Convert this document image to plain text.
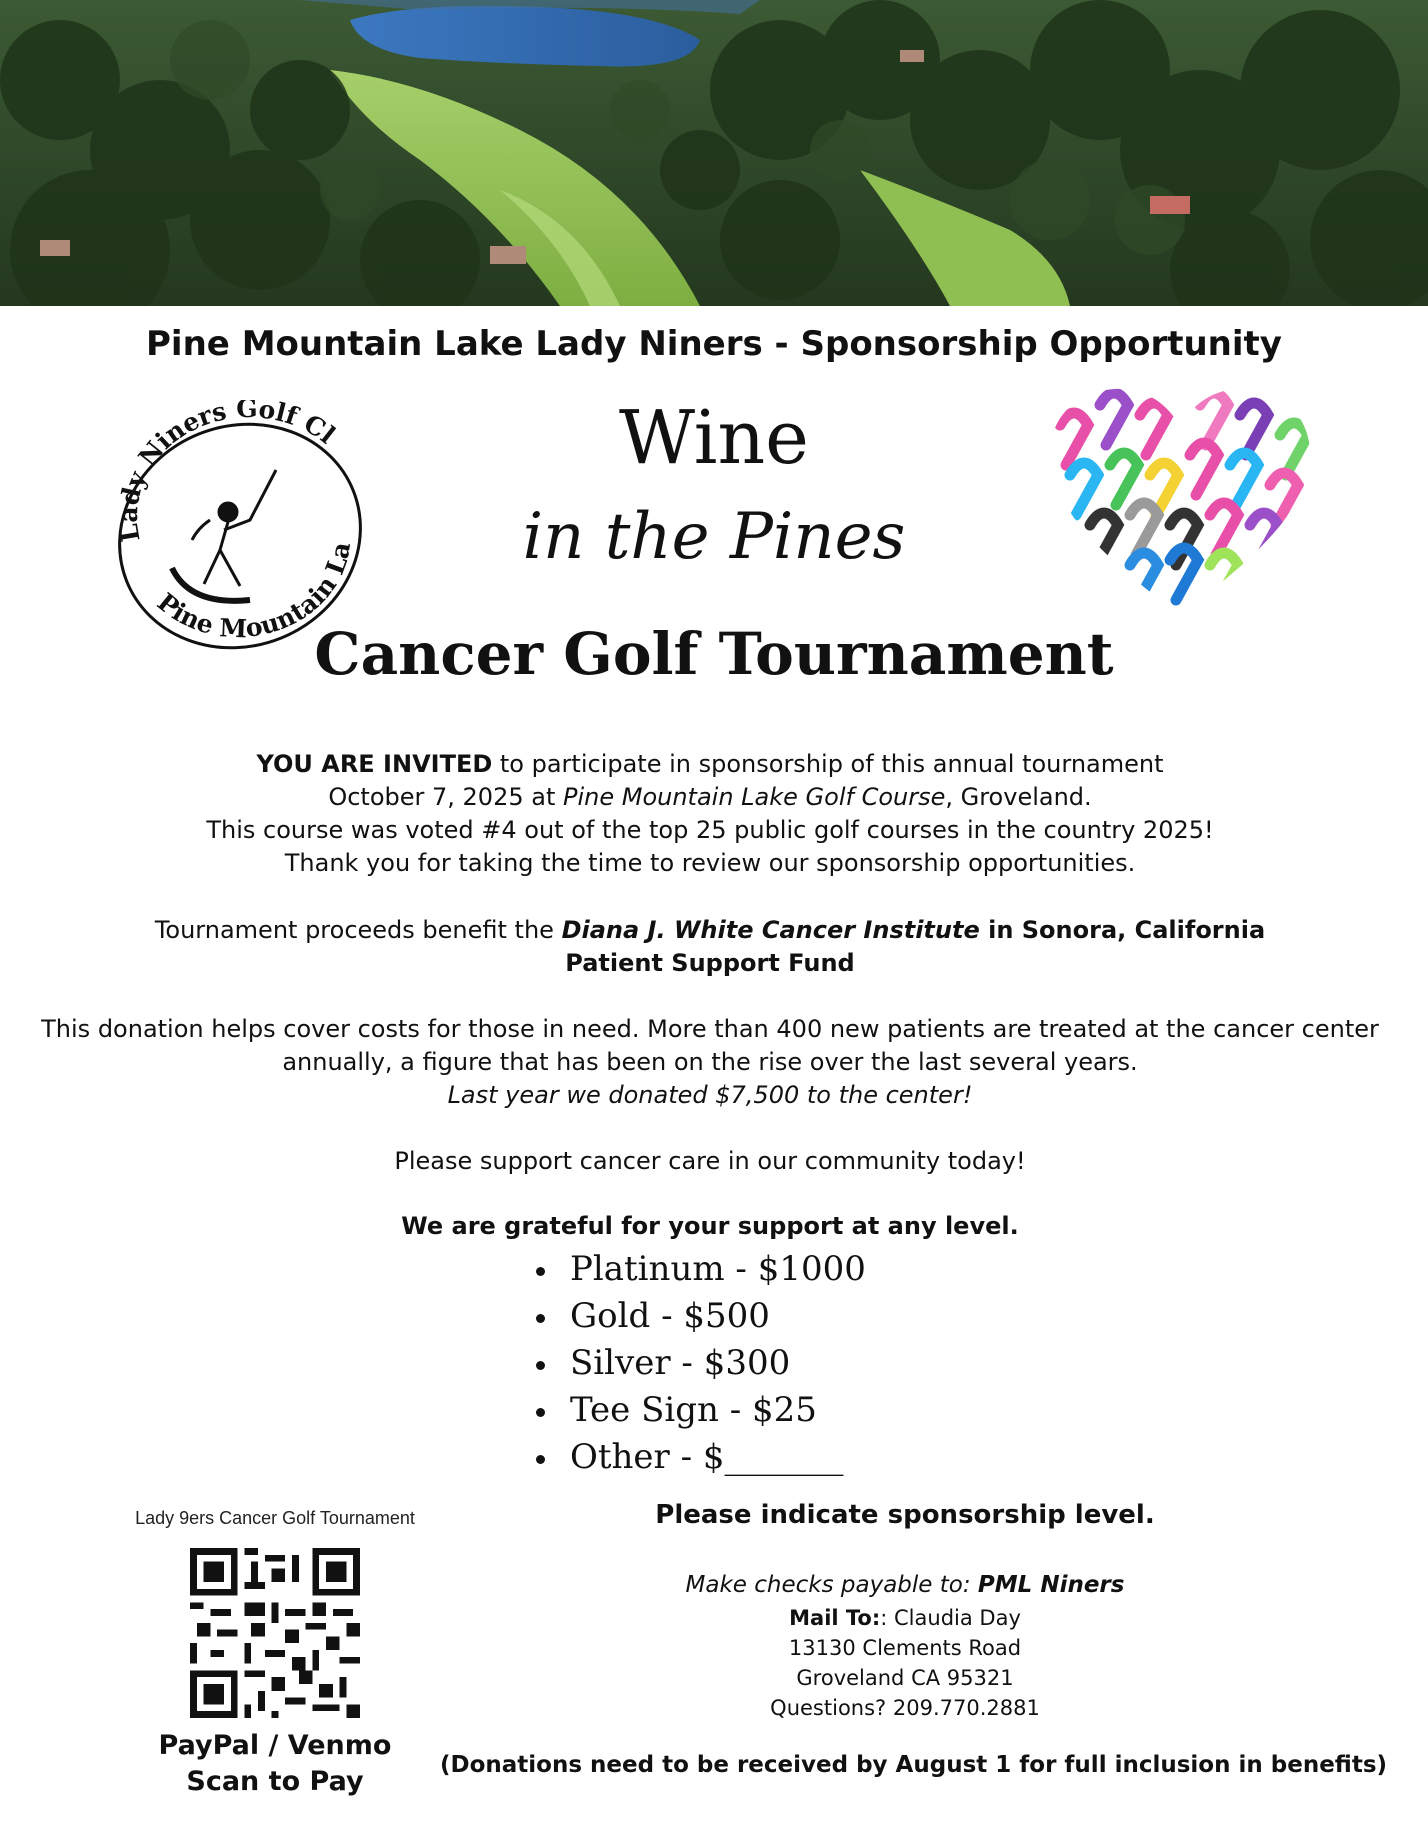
Pine Mountain Lake Lady Niners - Sponsorship Opportunity
Lady Niners Golf Cl
Pine Mountain La
Wine
in the Pines
Cancer Golf Tournament

YOU ARE INVITED to participate in sponsorship of this annual tournament

October 7, 2025 at Pine Mountain Lake Golf Course, Groveland.

This course was voted #4 out of the top 25 public golf courses in the country 2025!

Thank you for taking the time to review our sponsorship opportunities.

Tournament proceeds benefit the Diana J. White Cancer Institute in Sonora, California

Patient Support Fund

This donation helps cover costs for those in need. More than 400 new patients are treated at the cancer center

annually, a figure that has been on the rise over the last several years.

Last year we donated $7,500 to the center!

Please support cancer care in our community today!
We are grateful for your support at any level.
Platinum - $1000
Gold - $500
Silver - $300
Tee Sign - $25
Other - $_______
Lady 9ers Cancer Golf Tournament
PayPal / Venmo
Scan to Pay
Please indicate sponsorship level.

Make checks payable to: PML Niners

Mail To:: Claudia Day

13130 Clements Road

Groveland CA 95321

Questions? 209.770.2881

(Donations need to be received by August 1 for full inclusion in benefits)
